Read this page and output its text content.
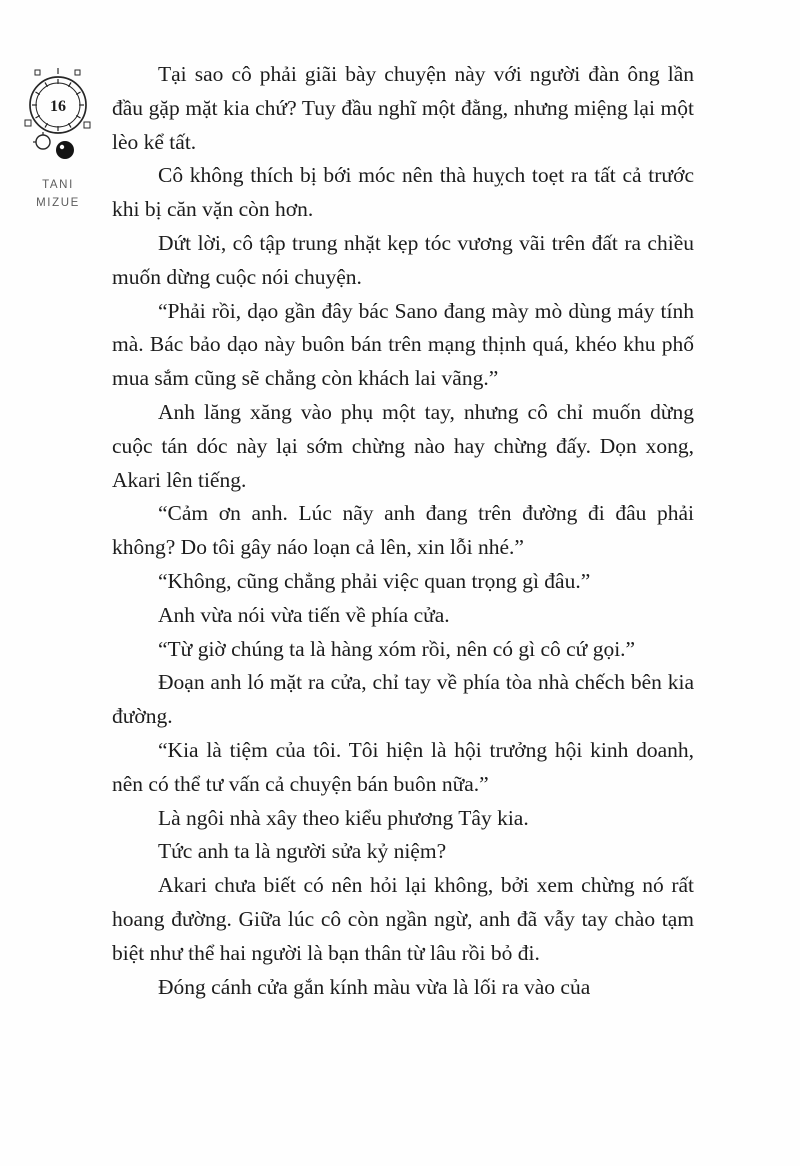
16
TANI
MIZUE

Tại sao cô phải giãi bày chuyện này với người đàn ông lần đầu gặp mặt kia chứ? Tuy đầu nghĩ một đằng, nhưng miệng lại một lèo kể tất.

Cô không thích bị bới móc nên thà huỵch toẹt ra tất cả trước khi bị căn vặn còn hơn.

Dứt lời, cô tập trung nhặt kẹp tóc vương vãi trên đất ra chiều muốn dừng cuộc nói chuyện.

“Phải rồi, dạo gần đây bác Sano đang mày mò dùng máy tính mà. Bác bảo dạo này buôn bán trên mạng thịnh quá, khéo khu phố mua sắm cũng sẽ chẳng còn khách lai vãng.”

Anh lăng xăng vào phụ một tay, nhưng cô chỉ muốn dừng cuộc tán dóc này lại sớm chừng nào hay chừng đấy. Dọn xong, Akari lên tiếng.

“Cảm ơn anh. Lúc nãy anh đang trên đường đi đâu phải không? Do tôi gây náo loạn cả lên, xin lỗi nhé.”

“Không, cũng chẳng phải việc quan trọng gì đâu.”

Anh vừa nói vừa tiến về phía cửa.

“Từ giờ chúng ta là hàng xóm rồi, nên có gì cô cứ gọi.”

Đoạn anh ló mặt ra cửa, chỉ tay về phía tòa nhà chếch bên kia đường.

“Kia là tiệm của tôi. Tôi hiện là hội trưởng hội kinh doanh, nên có thể tư vấn cả chuyện bán buôn nữa.”

Là ngôi nhà xây theo kiểu phương Tây kia.

Tức anh ta là người sửa kỷ niệm?

Akari chưa biết có nên hỏi lại không, bởi xem chừng nó rất hoang đường. Giữa lúc cô còn ngần ngừ, anh đã vẫy tay chào tạm biệt như thể hai người là bạn thân từ lâu rồi bỏ đi.

Đóng cánh cửa gắn kính màu vừa là lối ra vào của
